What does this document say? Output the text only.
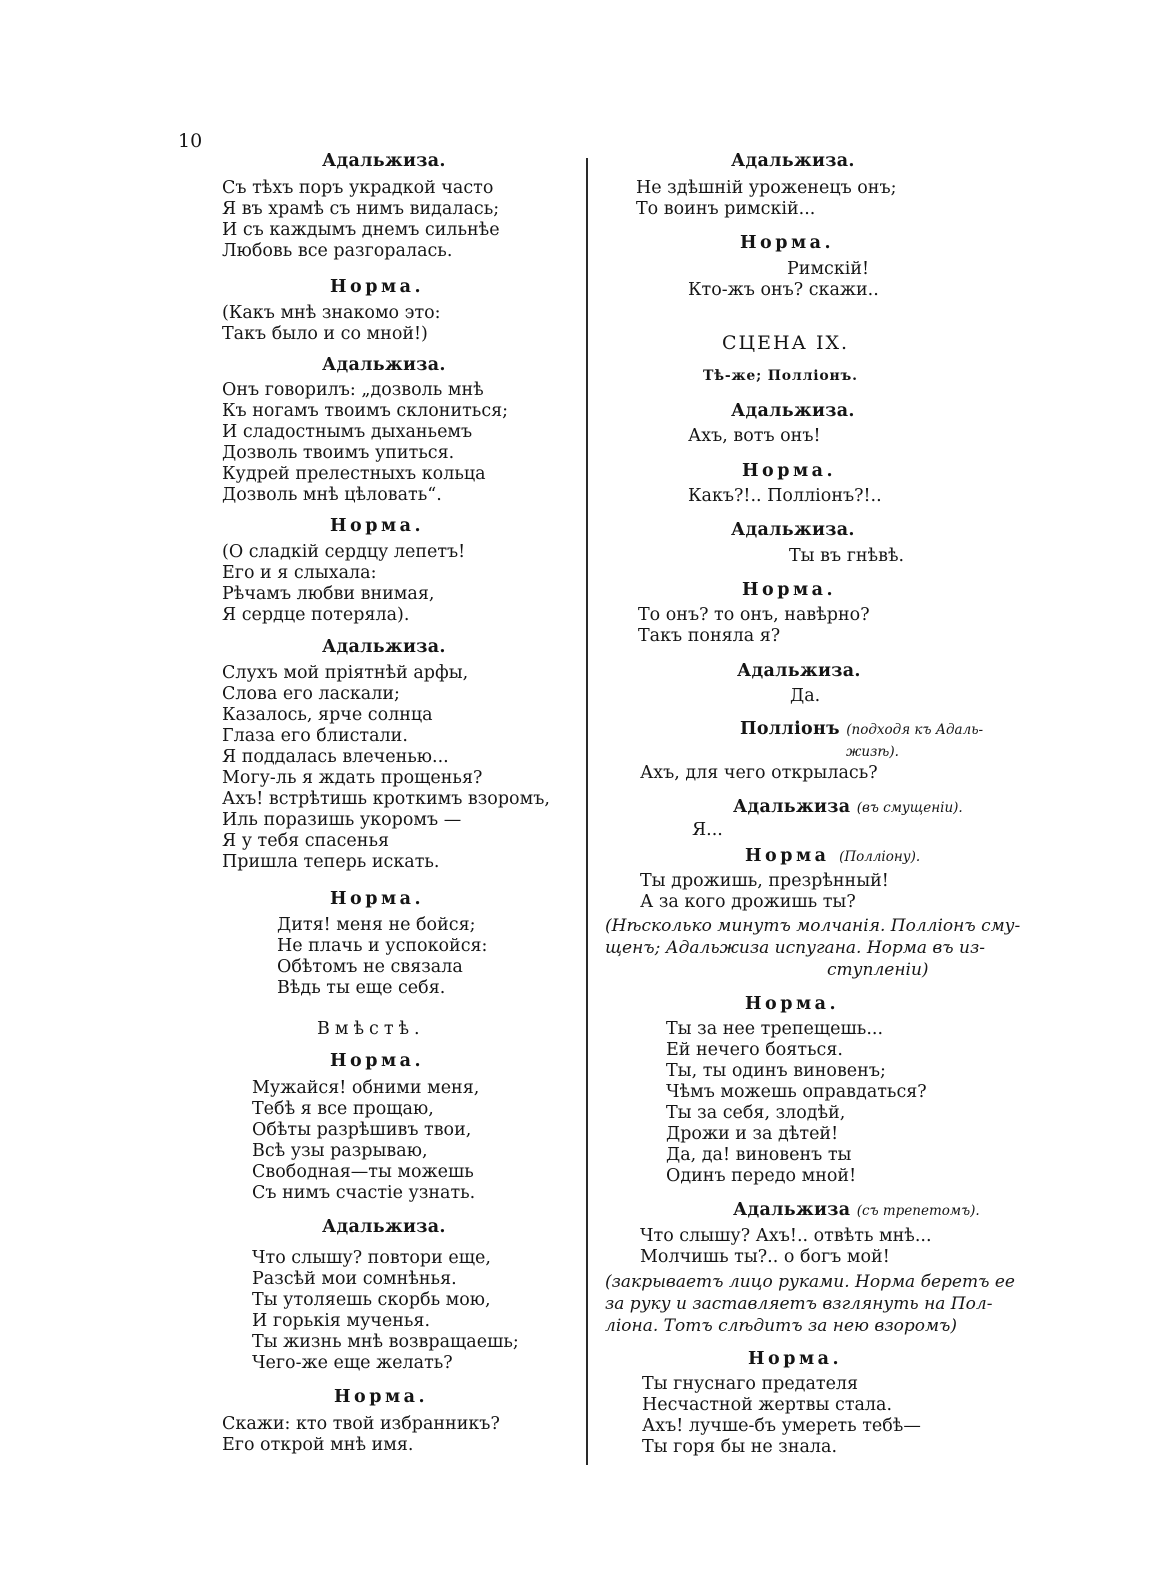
10

Адальжиза.

Съ тѣхъ поръ украдкой часто

Я въ храмѣ съ нимъ видалась;

И съ каждымъ днемъ сильнѣе

Любовь все разгоралась.

Норма.

(Какъ мнѣ знакомо это:

Такъ было и со мной!)

Адальжиза.

Онъ говорилъ: „дозволь мнѣ

Къ ногамъ твоимъ склониться;

И сладостнымъ дыханьемъ

Дозволь твоимъ упиться.

Кудрей прелестныхъ кольца

Дозволь мнѣ цѣловать“.

Норма.

(О сладкій сердцу лепетъ!

Его и я слыхала:

Рѣчамъ любви внимая,

Я сердце потеряла).

Адальжиза.

Слухъ мой пріятнѣй арфы,

Слова его ласкали;

Казалось, ярче солнца

Глаза его блистали.

Я поддалась влеченью...

Могу-ль я ждать прощенья?

Ахъ! встрѣтишь кроткимъ взоромъ,

Иль поразишь укоромъ —

Я у тебя спасенья

Пришла теперь искать.

Норма.

Дитя! меня не бойся;

Не плачь и успокойся:

Обѣтомъ не связала

Вѣдь ты еще себя.

Вмѣстѣ.

Норма.

Мужайся! обними меня,

Тебѣ я все прощаю,

Обѣты разрѣшивъ твои,

Всѣ узы разрываю,

Свободная—ты можешь

Съ нимъ счастіе узнать.

Адальжиза.

Что слышу? повтори еще,

Разсѣй мои сомнѣнья.

Ты утоляешь скорбь мою,

И горькія мученья.

Ты жизнь мнѣ возвращаешь;

Чего-же еще желать?

Норма.

Скажи: кто твой избранникъ?

Его открой мнѣ имя.

Адальжиза.

Не здѣшній уроженецъ онъ;

То воинъ римскій...

Норма.

Римскій!

Кто-жъ онъ? скажи..

СЦЕНА IX.

Тѣ-же; Полліонъ.

Адальжиза.

Ахъ, вотъ онъ!

Норма.

Какъ?!.. Полліонъ?!..

Адальжиза.

Ты въ гнѣвѣ.

Норма.

То онъ? то онъ, навѣрно?

Такъ поняла я?

Адальжиза.

Да.

Полліонъ (подходя къ Адаль-

жизѣ).

Ахъ, для чего открылась?

Адальжиза (въ смущеніи).

Я...

Норма (Полліону).

Ты дрожишь, презрѣнный!

А за кого дрожишь ты?

(Нѣсколько минутъ молчанія. Полліонъ сму-

щенъ; Адальжиза испугана. Норма въ из-

ступленіи)

Норма.

Ты за нее трепещешь...

Ей нечего бояться.

Ты, ты одинъ виновенъ;

Чѣмъ можешь оправдаться?

Ты за себя, злодѣй,

Дрожи и за дѣтей!

Да, да! виновенъ ты

Одинъ передо мной!

Адальжиза (съ трепетомъ).

Что слышу? Ахъ!.. отвѣть мнѣ...

Молчишь ты?.. о богъ мой!

(закрываетъ лицо руками. Норма беретъ ее

за руку и заставляетъ взглянуть на Пол-

ліона. Тотъ слѣдитъ за нею взоромъ)

Норма.

Ты гнуснаго предателя

Несчастной жертвы стала.

Ахъ! лучше-бъ умереть тебѣ—

Ты горя бы не знала.
